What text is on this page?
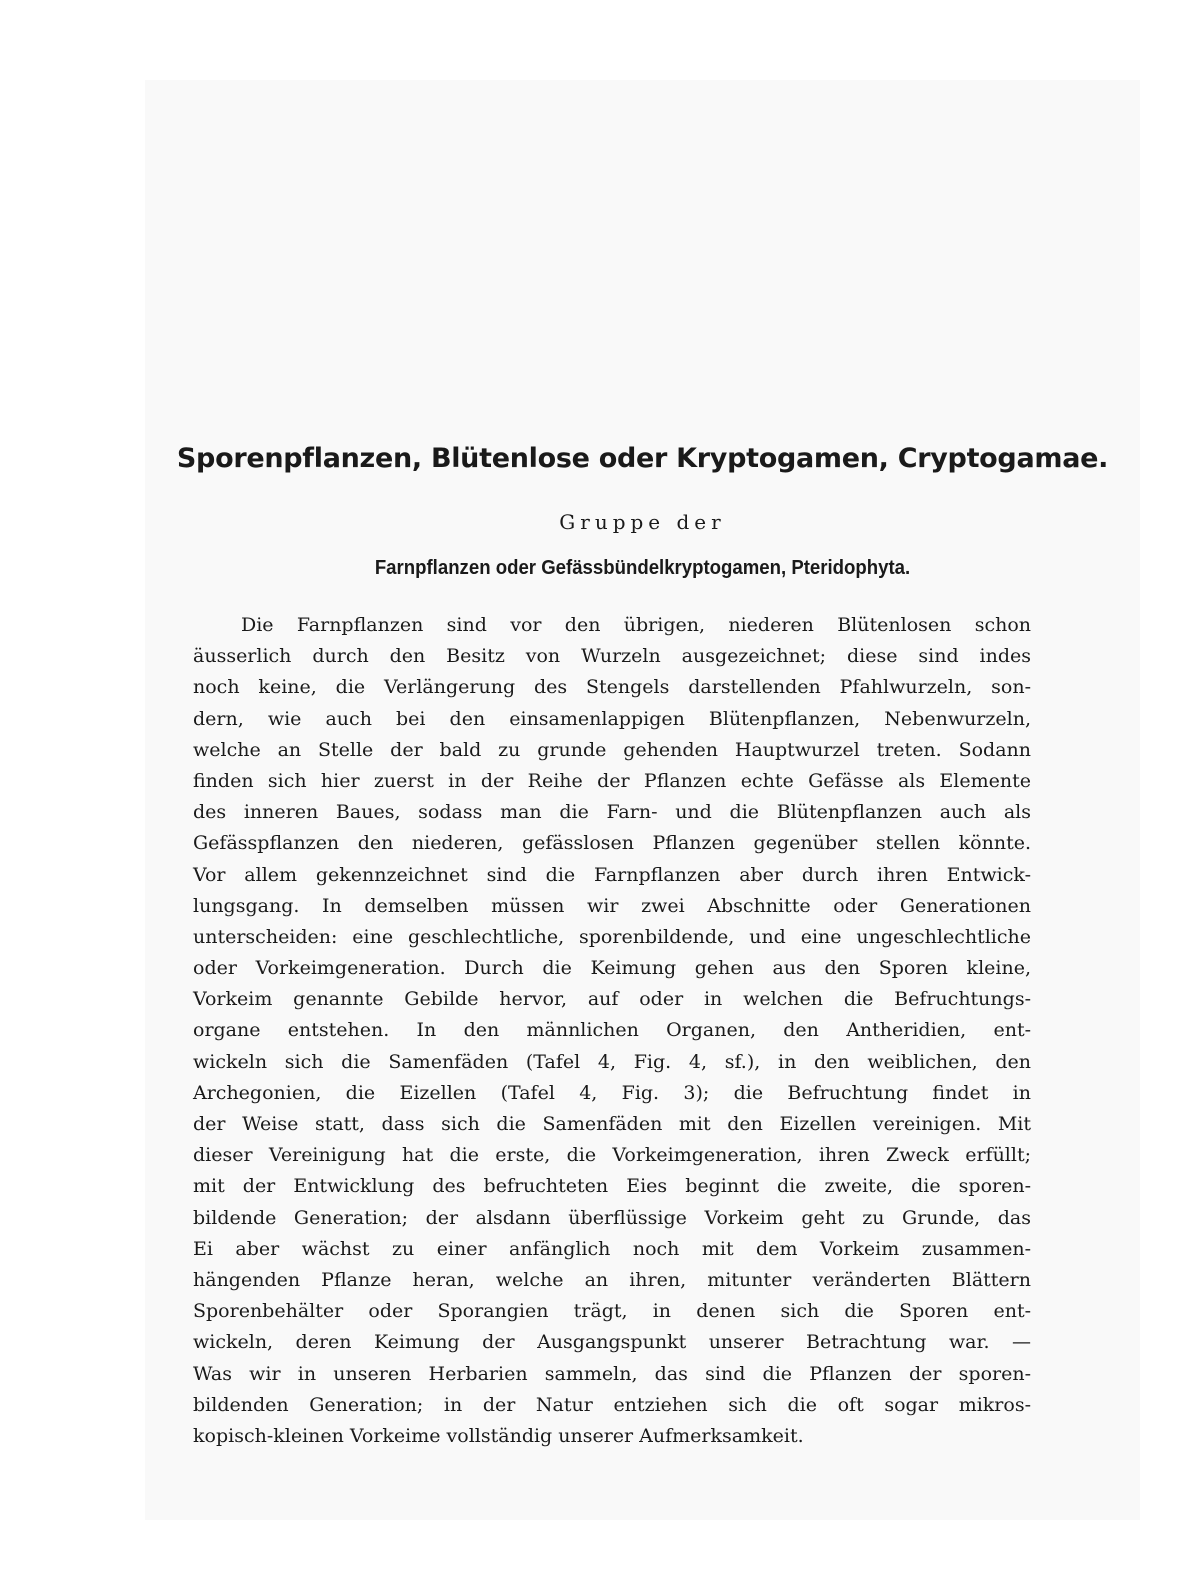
Sporenpflanzen, Blütenlose oder Kryptogamen, Cryptogamae.
Gruppe der
Farnpflanzen oder Gefässbündelkryptogamen, Pteridophyta.
Die Farnpflanzen sind vor den übrigen, niederen Blütenlosen schon
äusserlich durch den Besitz von Wurzeln ausgezeichnet; diese sind indes
noch keine, die Verlängerung des Stengels darstellenden Pfahlwurzeln, son-
dern, wie auch bei den einsamenlappigen Blütenpflanzen, Nebenwurzeln,
welche an Stelle der bald zu grunde gehenden Hauptwurzel treten. Sodann
finden sich hier zuerst in der Reihe der Pflanzen echte Gefässe als Elemente
des inneren Baues, sodass man die Farn- und die Blütenpflanzen auch als
Gefässpflanzen den niederen, gefässlosen Pflanzen gegenüber stellen könnte.
Vor allem gekennzeichnet sind die Farnpflanzen aber durch ihren Entwick-
lungsgang. In demselben müssen wir zwei Abschnitte oder Generationen
unterscheiden: eine geschlechtliche, sporenbildende, und eine ungeschlechtliche
oder Vorkeimgeneration. Durch die Keimung gehen aus den Sporen kleine,
Vorkeim genannte Gebilde hervor, auf oder in welchen die Befruchtungs-
organe entstehen. In den männlichen Organen, den Antheridien, ent-
wickeln sich die Samenfäden (Tafel 4, Fig. 4, sf.), in den weiblichen, den
Archegonien, die Eizellen (Tafel 4, Fig. 3); die Befruchtung findet in
der Weise statt, dass sich die Samenfäden mit den Eizellen vereinigen. Mit
dieser Vereinigung hat die erste, die Vorkeimgeneration, ihren Zweck erfüllt;
mit der Entwicklung des befruchteten Eies beginnt die zweite, die sporen-
bildende Generation; der alsdann überflüssige Vorkeim geht zu Grunde, das
Ei aber wächst zu einer anfänglich noch mit dem Vorkeim zusammen-
hängenden Pflanze heran, welche an ihren, mitunter veränderten Blättern
Sporenbehälter oder Sporangien trägt, in denen sich die Sporen ent-
wickeln, deren Keimung der Ausgangspunkt unserer Betrachtung war. —
Was wir in unseren Herbarien sammeln, das sind die Pflanzen der sporen-
bildenden Generation; in der Natur entziehen sich die oft sogar mikros-
kopisch-kleinen Vorkeime vollständig unserer Aufmerksamkeit.
